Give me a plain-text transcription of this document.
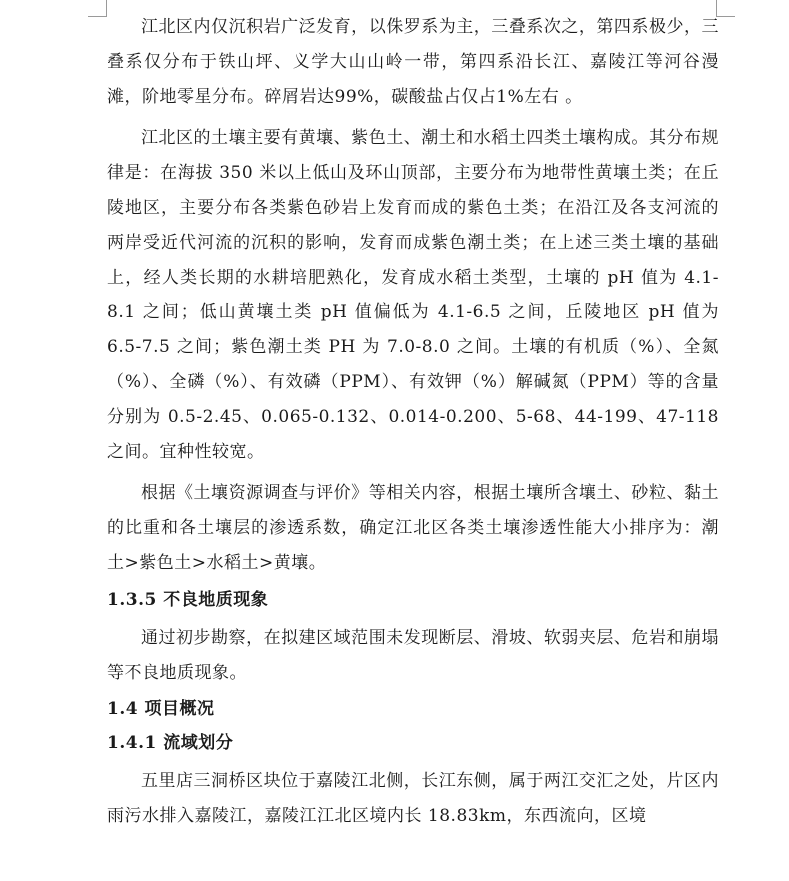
江北区内仅沉积岩广泛发育，以侏罗系为主，三叠系次之，第四系极少，三叠系仅分布于铁山坪、义学大山山岭一带，第四系沿长江、嘉陵江等河谷漫滩，阶地零星分布。碎屑岩达99%，碳酸盐占仅占1%左右 。

江北区的土壤主要有黄壤、紫色土、潮土和水稻土四类土壤构成。其分布规律是：在海拔 350 米以上低山及环山顶部，主要分布为地带性黄壤土类；在丘陵地区，主要分布各类紫色砂岩上发育而成的紫色土类；在沿江及各支河流的两岸受近代河流的沉积的影响，发育而成紫色潮土类；在上述三类土壤的基础上，经人类长期的水耕培肥熟化，发育成水稻土类型，土壤的 pH 值为 4.1-8.1 之间；低山黄壤土类 pH 值偏低为 4.1-6.5 之间，丘陵地区 pH 值为 6.5-7.5 之间；紫色潮土类 PH 为 7.0-8.0 之间。土壤的有机质（%）、全氮（%）、全磷（%）、有效磷（PPM）、有效钾（%）解碱氮（PPM）等的含量分别为 0.5-2.45、0.065-0.132、0.014-0.200、5-68、44-199、47-118 之间。宜种性较宽。

根据《土壤资源调查与评价》等相关内容，根据土壤所含壤土、砂粒、黏土的比重和各土壤层的渗透系数，确定江北区各类土壤渗透性能大小排序为：潮土>紫色土>水稻土>黄壤。

1.3.5 不良地质现象

通过初步勘察，在拟建区域范围未发现断层、滑坡、软弱夹层、危岩和崩塌等不良地质现象。

1.4 项目概况

1.4.1 流域划分

五里店三洞桥区块位于嘉陵江北侧，长江东侧，属于两江交汇之处，片区内雨污水排入嘉陵江，嘉陵江江北区境内长 18.83km，东西流向，区境
